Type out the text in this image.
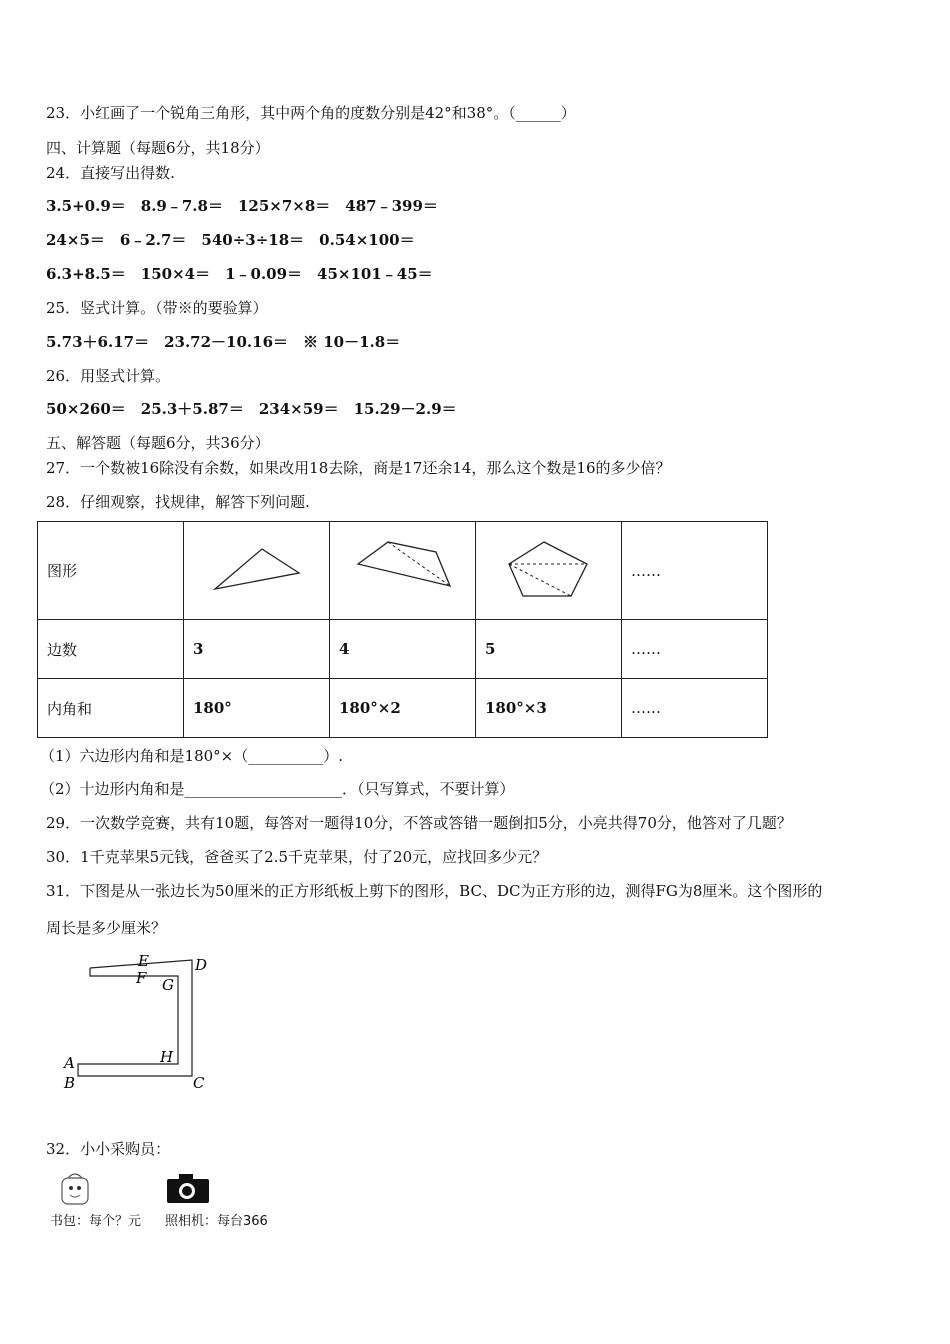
23．小红画了一个锐角三角形，其中两个角的度数分别是42°和38°。（______）
四、计算题（每题6分，共18分）
24．直接写出得数.
3.5+0.9＝　8.9﹣7.8＝　125×7×8＝　487﹣399＝
24×5＝　6﹣2.7＝　540÷3÷18＝　0.54×100＝
6.3+8.5＝　150×4＝　1﹣0.09＝　45×101﹣45＝
25．竖式计算。（带※的要验算）
5.73＋6.17＝　23.72－10.16＝　※ 10－1.8＝
26．用竖式计算。
50×260＝　25.3＋5.87＝　234×59＝　15.29－2.9＝
五、解答题（每题6分，共36分）
27．一个数被16除没有余数，如果改用18去除，商是17还余14，那么这个数是16的多少倍？
28．仔细观察，找规律，解答下列问题.
图形				……
边数	3	4	5	……
内角和	180°	180°×2	180°×3	……
（1）六边形内角和是180°×（__________）.
（2）十边形内角和是_____________________．（只写算式，不要计算）
29．一次数学竞赛，共有10题，每答对一题得10分，不答或答错一题倒扣5分，小亮共得70分，他答对了几题？
30．1千克苹果5元钱，爸爸买了2.5千克苹果，付了20元，应找回多少元？
31．下图是从一张边长为50厘米的正方形纸板上剪下的图形，BC、DC为正方形的边，测得FG为8厘米。这个图形的
周长是多少厘米？
E
F G
D
A	H
B	C
32．小小采购员：
书包：每个？元 照相机：每台366
